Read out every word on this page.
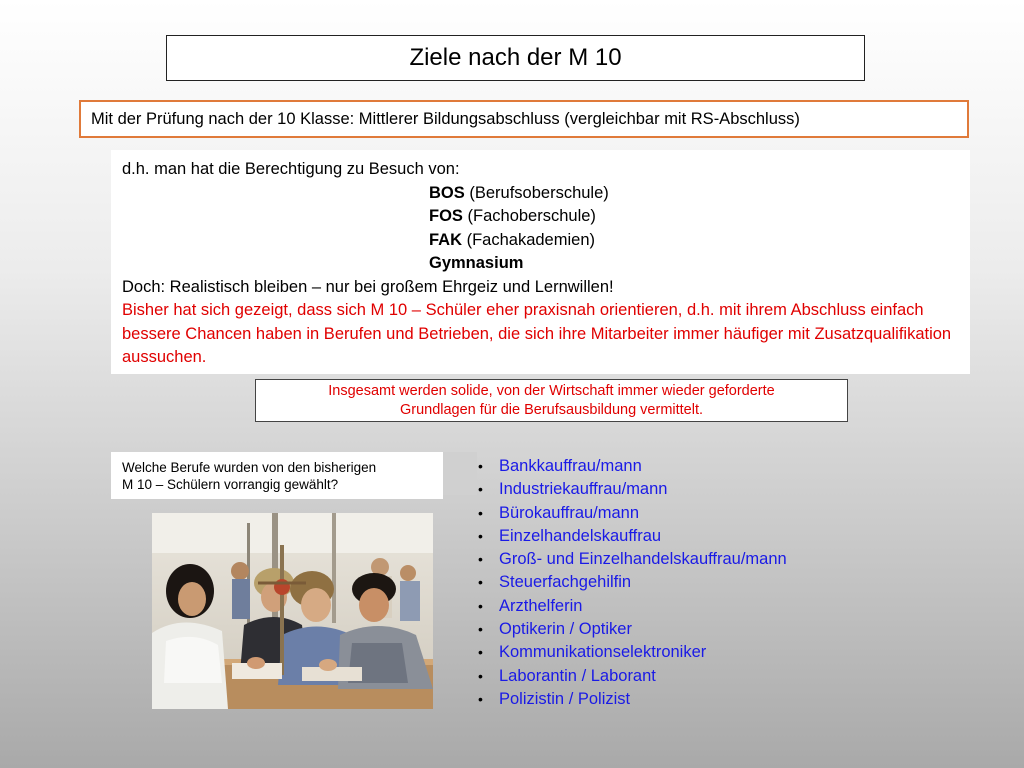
Ziele nach der M 10
Mit der Prüfung nach der 10 Klasse: Mittlerer Bildungsabschluss (vergleichbar mit RS-Abschluss)
d.h. man hat die Berechtigung zu Besuch von:
BOS (Berufsoberschule)
FOS (Fachoberschule)
FAK (Fachakademien)
Gymnasium
Doch: Realistisch bleiben – nur bei großem Ehrgeiz und Lernwillen!
Bisher hat sich gezeigt, dass sich M 10 – Schüler eher praxisnah orientieren, d.h. mit ihrem Abschluss einfach bessere Chancen haben in Berufen und Betrieben, die sich ihre Mitarbeiter immer häufiger mit Zusatzqualifikation aussuchen.
Insgesamt werden solide, von der Wirtschaft immer wieder geforderte
Grundlagen für die Berufsausbildung vermittelt.
Welche Berufe wurden von den bisherigen
M 10 – Schülern vorrangig gewählt?
• Bankkauffrau/mann
• Industriekauffrau/mann
• Bürokauffrau/mann
• Einzelhandelskauffrau
• Groß- und Einzelhandelskauffrau/mann
• Steuerfachgehilfin
• Arzthelferin
• Optikerin / Optiker
• Kommunikationselektroniker
• Laborantin / Laborant
• Polizistin / Polizist
